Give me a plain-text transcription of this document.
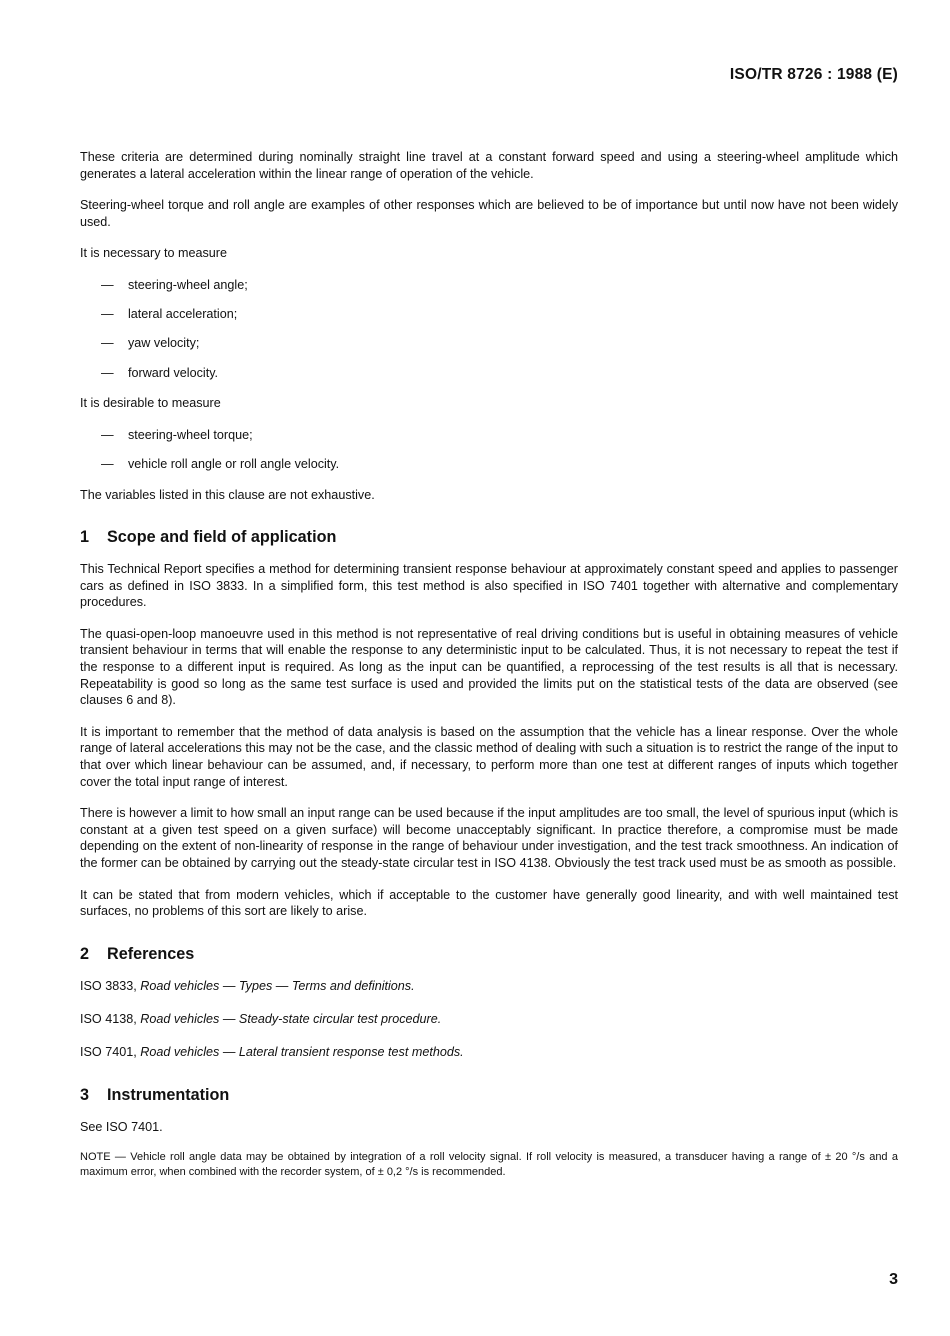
ISO/TR 8726 : 1988 (E)

These criteria are determined during nominally straight line travel at a constant forward speed and using a steering-wheel amplitude which generates a lateral acceleration within the linear range of operation of the vehicle.

Steering-wheel torque and roll angle are examples of other responses which are believed to be of importance but until now have not been widely used.

It is necessary to measure

—	steering-wheel angle;
—	lateral acceleration;
—	yaw velocity;
—	forward velocity.

It is desirable to measure

—	steering-wheel torque;
—	vehicle roll angle or roll angle velocity.

The variables listed in this clause are not exhaustive.

1 Scope and field of application

This Technical Report specifies a method for determining transient response behaviour at approximately constant speed and applies to passenger cars as defined in ISO 3833. In a simplified form, this test method is also specified in ISO 7401 together with alternative and complementary procedures.

The quasi-open-loop manoeuvre used in this method is not representative of real driving conditions but is useful in obtaining measures of vehicle transient behaviour in terms that will enable the response to any deterministic input to be calculated. Thus, it is not necessary to repeat the test if the response to a different input is required. As long as the input can be quantified, a reprocessing of the test results is all that is necessary. Repeatability is good so long as the same test surface is used and provided the limits put on the statistical tests of the data are observed (see clauses 6 and 8).

It is important to remember that the method of data analysis is based on the assumption that the vehicle has a linear response. Over the whole range of lateral accelerations this may not be the case, and the classic method of dealing with such a situation is to restrict the range of the input to that over which linear behaviour can be assumed, and, if necessary, to perform more than one test at different ranges of inputs which together cover the total input range of interest.

There is however a limit to how small an input range can be used because if the input amplitudes are too small, the level of spurious input (which is constant at a given test speed on a given surface) will become unacceptably significant. In practice therefore, a compromise must be made depending on the extent of non-linearity of response in the range of behaviour under investigation, and the test track smoothness. An indication of the former can be obtained by carrying out the steady-state circular test in ISO 4138. Obviously the test track used must be as smooth as possible.

It can be stated that from modern vehicles, which if acceptable to the customer have generally good linearity, and with well maintained test surfaces, no problems of this sort are likely to arise.

2 References
ISO 3833, Road vehicles — Types — Terms and definitions.
ISO 4138, Road vehicles — Steady-state circular test procedure.
ISO 7401, Road vehicles — Lateral transient response test methods.
3 Instrumentation

See ISO 7401.

NOTE — Vehicle roll angle data may be obtained by integration of a roll velocity signal. If roll velocity is measured, a transducer having a range of ± 20 °/s and a maximum error, when combined with the recorder system, of ± 0,2 °/s is recommended.
3
